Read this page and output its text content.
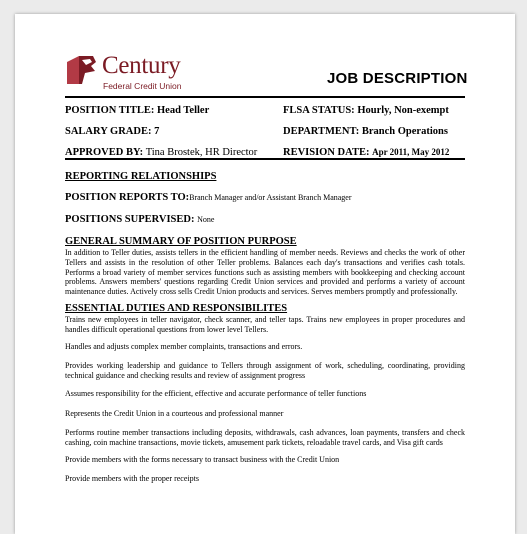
Century
Federal Credit Union	JOB DESCRIPTION
POSITION TITLE: Head Teller	FLSA STATUS: Hourly, Non-exempt
SALARY GRADE: 7	DEPARTMENT: Branch Operations
APPROVED BY: Tina Brostek, HR Director REVISION DATE: Apr 2011, May 2012
REPORTING RELATIONSHIPS
POSITION REPORTS TO:Branch Manager and/or Assistant Branch Manager
POSITIONS SUPERVISED: None
GENERAL SUMMARY OF POSITION PURPOSE
In addition to Teller duties, assists tellers in the efficient handling of member needs. Reviews and checks the work of other Tellers and assists in the resolution of other Teller problems. Balances each day's transactions and verifies cash totals. Performs a broad variety of member services functions such as assisting members with bookkeeping and checking account problems. Answers members' questions regarding Credit Union services and provided and performs a variety of account maintenance duties. Actively cross sells Credit Union products and services. Serves members promptly and professionally.
ESSENTIAL DUTIES AND RESPONSIBILITES
Trains new employees in teller navigator, check scanner, and teller taps. Trains new employees in proper procedures and handles difficult operational questions from lower level Tellers.
Handles and adjusts complex member complaints, transactions and errors.
Provides working leadership and guidance to Tellers through assignment of work, scheduling, coordinating, providing technical guidance and checking results and review of assignment progress
Assumes responsibility for the efficient, effective and accurate performance of teller functions
Represents the Credit Union in a courteous and professional manner
Performs routine member transactions including deposits, withdrawals, cash advances, loan payments, transfers and check cashing, coin machine transactions, movie tickets, amusement park tickets, reloadable travel cards, and Visa gift cards
Provide members with the forms necessary to transact business with the Credit Union
Provide members with the proper receipts
